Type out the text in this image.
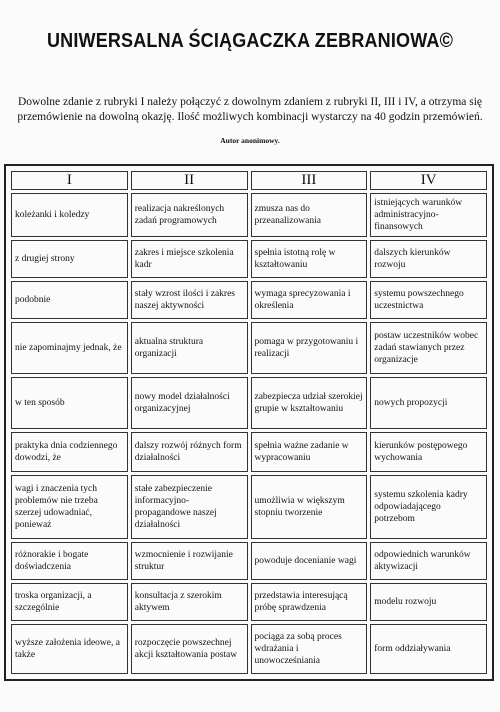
UNIWERSALNA ŚCIĄGACZKA ZEBRANIOWA©
Dowolne zdanie z rubryki I należy połączyć z dowolnym zdaniem z rubryki II, III i IV, a otrzyma się przemówienie na dowolną okazję. Ilość możliwych kombinacji wystarczy na 40 godzin przemówień.
Autor anonimowy.
I	II	III	IV
koleżanki i koledzy	realizacja nakreślonych zadań programowych	zmusza nas do przeanalizowania	istniejących warunków administracyjno-finansowych
z drugiej strony	zakres i miejsce szkolenia kadr	spełnia istotną rolę w kształtowaniu	dalszych kierunków rozwoju
podobnie	stały wzrost ilości i zakres naszej aktywności	wymaga sprecyzowania i określenia	systemu powszechnego uczestnictwa
nie zapominajmy jednak, że	aktualna struktura organizacji	pomaga w przygotowaniu i realizacji	postaw uczestników wobec zadań stawianych przez organizacje
w ten sposób	nowy model działalności organizacyjnej	zabezpiecza udział szerokiej grupie w kształtowaniu	nowych propozycji
praktyka dnia codziennego dowodzi, że	dalszy rozwój różnych form działalności	spełnia ważne zadanie w wypracowaniu	kierunków postępowego wychowania
wagi i znaczenia tych problemów nie trzeba szerzej udowadniać, ponieważ	stałe zabezpieczenie informacyjno-propagandowe naszej działalności	umożliwia w większym stopniu tworzenie	systemu szkolenia kadry odpowiadającego potrzebom
różnorakie i bogate doświadczenia	wzmocnienie i rozwijanie struktur	powoduje docenianie wagi	odpowiednich warunków aktywizacji
troska organizacji, a szczególnie	konsultacja z szerokim aktywem	przedstawia interesującą próbę sprawdzenia	modelu rozwoju
wyższe założenia ideowe, a także	rozpoczęcie powszechnej akcji kształtowania postaw	pociąga za sobą proces wdrażania i unowocześniania	form oddziaływania
